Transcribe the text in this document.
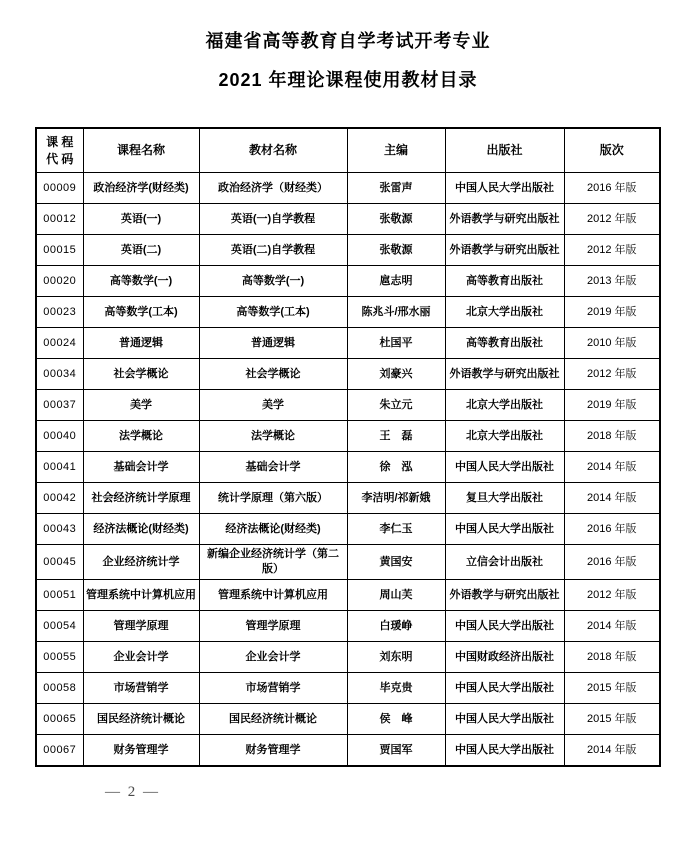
福建省高等教育自学考试开考专业
2021 年理论课程使用教材目录
课 程
代 码	课程名称	教材名称	主编	出版社	版次
00009	政治经济学(财经类)	政治经济学（财经类）	张雷声	中国人民大学出版社	2016 年版
00012	英语(一)	英语(一)自学教程	张敬源	外语教学与研究出版社	2012 年版
00015	英语(二)	英语(二)自学教程	张敬源	外语教学与研究出版社	2012 年版
00020	高等数学(一)	高等数学(一)	扈志明	高等教育出版社	2013 年版
00023	高等数学(工本)	高等数学(工本)	陈兆斗/邢水丽	北京大学出版社	2019 年版
00024	普通逻辑	普通逻辑	杜国平	高等教育出版社	2010 年版
00034	社会学概论	社会学概论	刘豪兴	外语教学与研究出版社	2012 年版
00037	美学	美学	朱立元	北京大学出版社	2019 年版
00040	法学概论	法学概论	王　磊	北京大学出版社	2018 年版
00041	基础会计学	基础会计学	徐　泓	中国人民大学出版社	2014 年版
00042	社会经济统计学原理	统计学原理（第六版）	李洁明/祁新娥	复旦大学出版社	2014 年版
00043	经济法概论(财经类)	经济法概论(财经类)	李仁玉	中国人民大学出版社	2016 年版
00045	企业经济统计学	新编企业经济统计学（第二版）	黄国安	立信会计出版社	2016 年版
00051	管理系统中计算机应用	管理系统中计算机应用	周山芙	外语教学与研究出版社	2012 年版
00054	管理学原理	管理学原理	白瑗峥	中国人民大学出版社	2014 年版
00055	企业会计学	企业会计学	刘东明	中国财政经济出版社	2018 年版
00058	市场营销学	市场营销学	毕克贵	中国人民大学出版社	2015 年版
00065	国民经济统计概论	国民经济统计概论	侯　峰	中国人民大学出版社	2015 年版
00067	财务管理学	财务管理学	贾国军	中国人民大学出版社	2014 年版
— 2 —
